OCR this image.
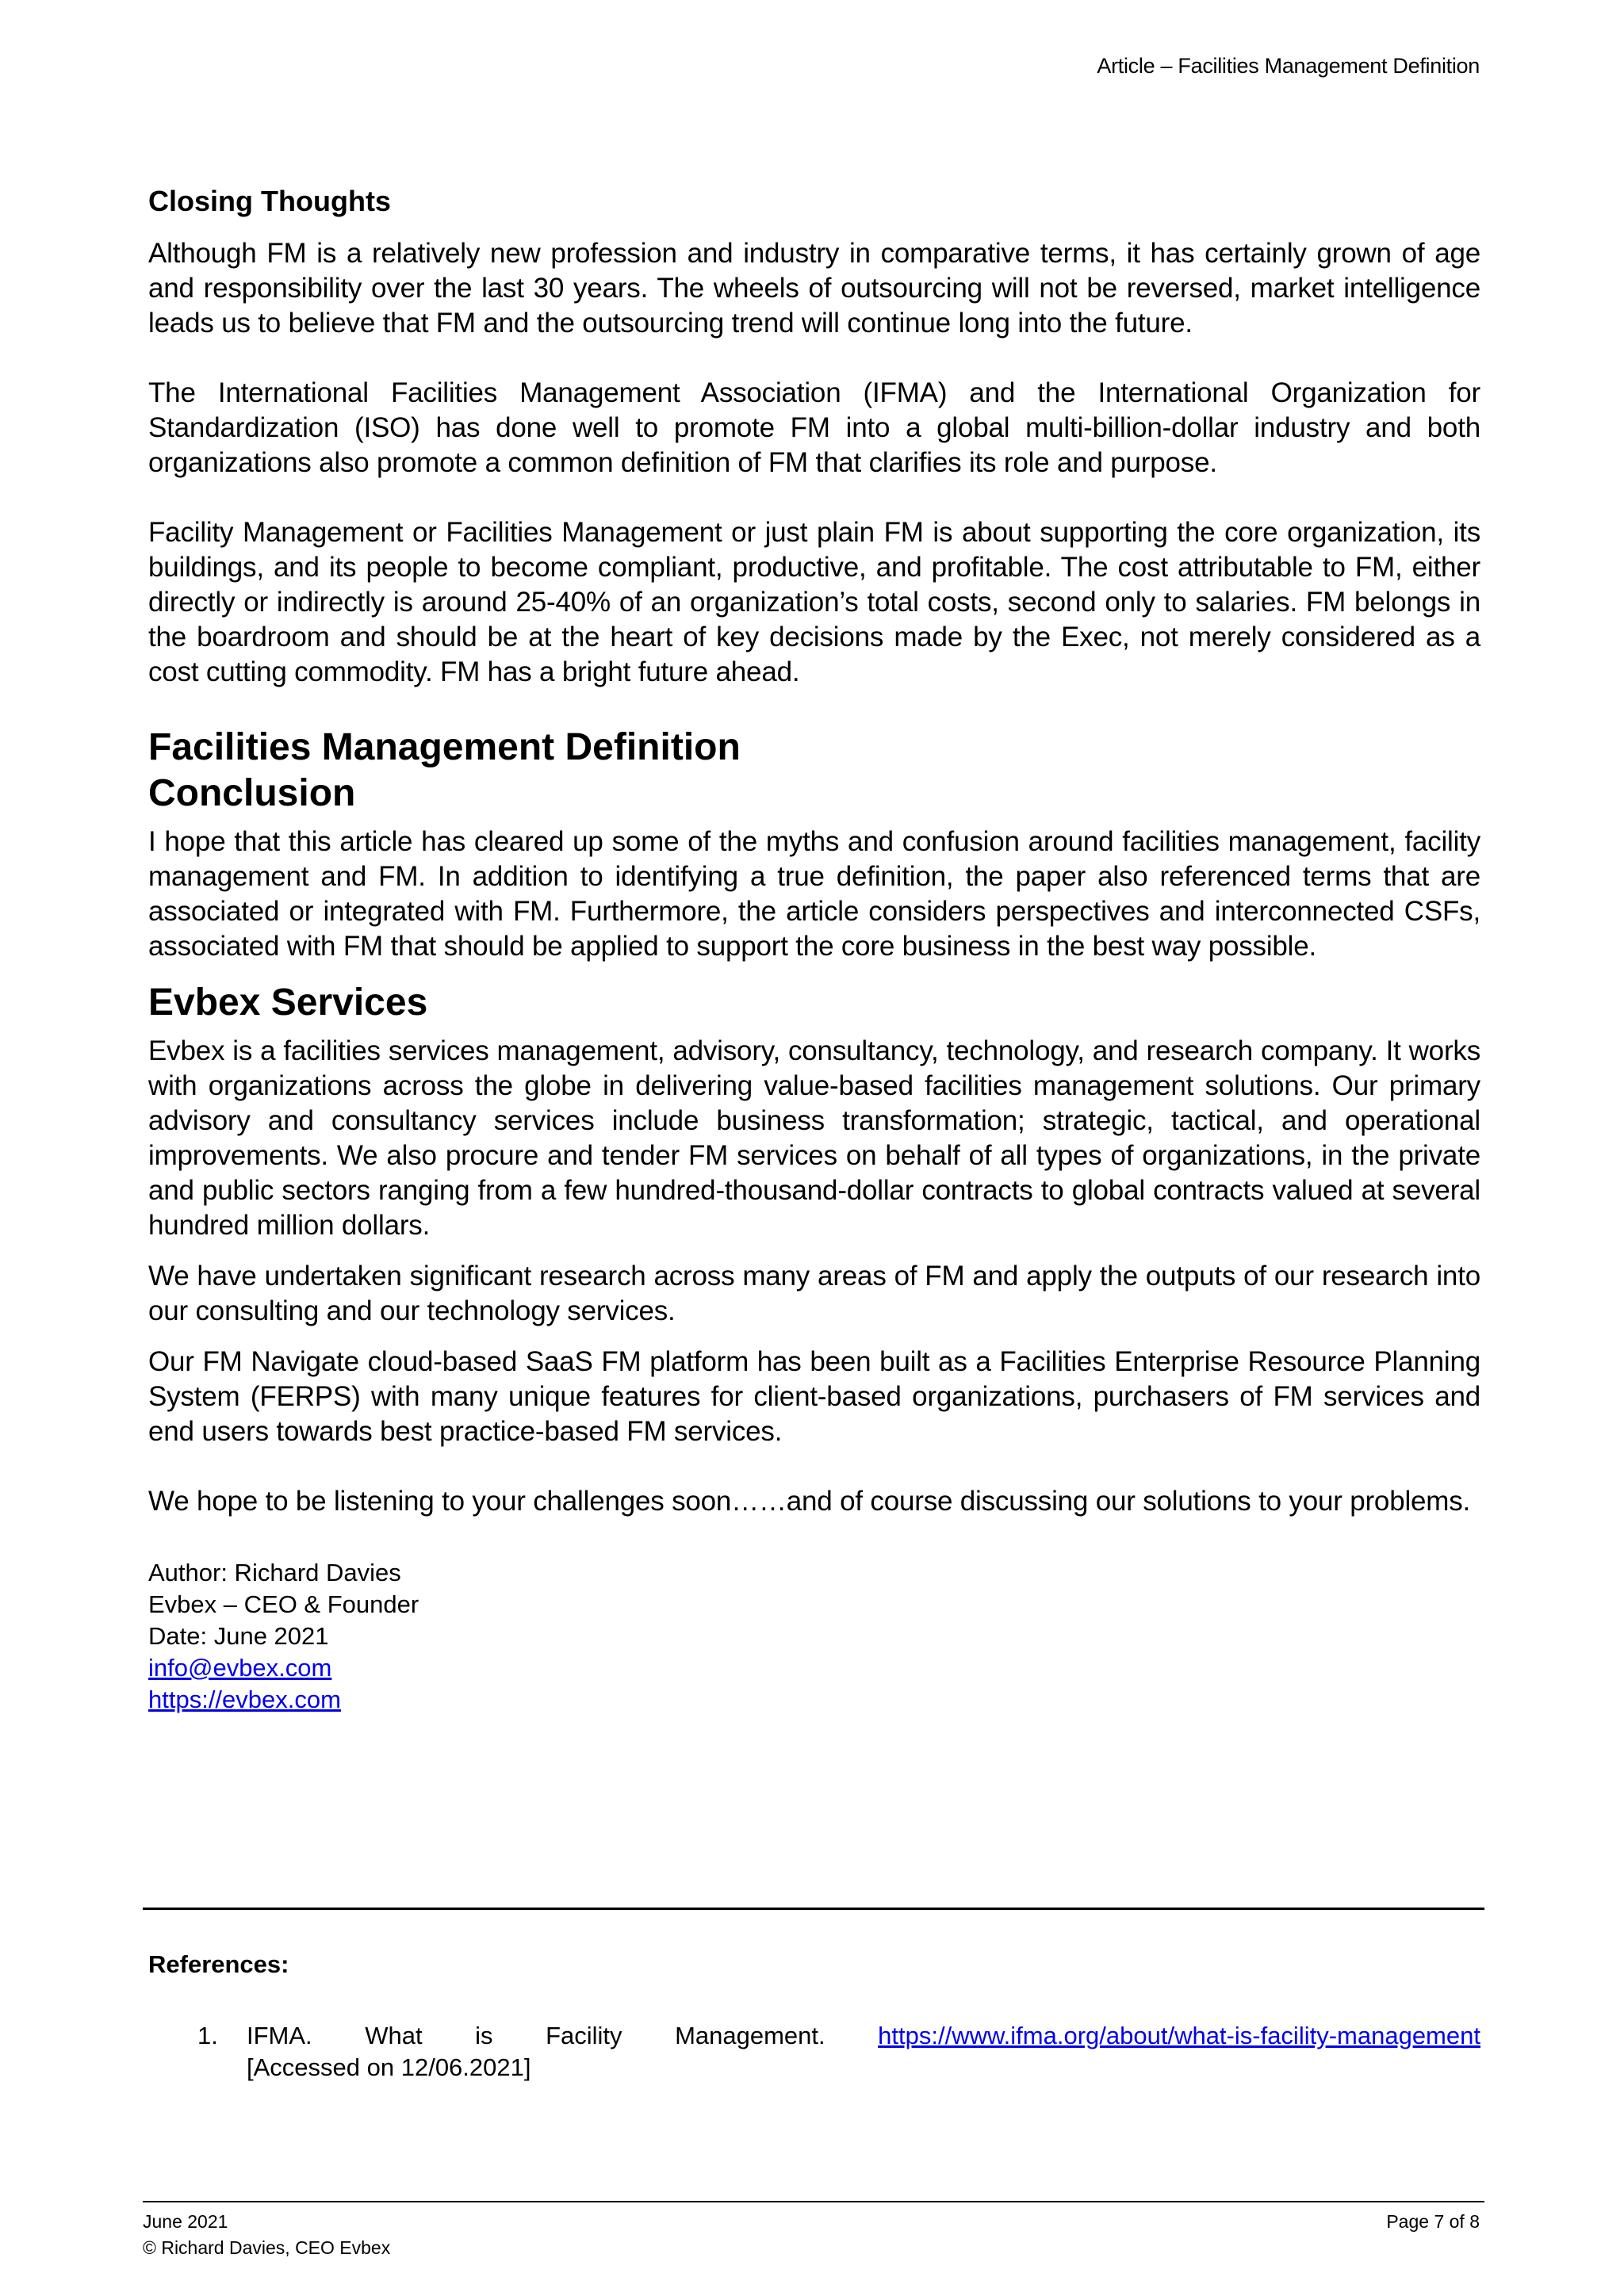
Article – Facilities Management Definition
Closing Thoughts

Although FM is a relatively new profession and industry in comparative terms, it has certainly grown of age and responsibility over the last 30 years. The wheels of outsourcing will not be reversed, market intelligence leads us to believe that FM and the outsourcing trend will continue long into the future.

The International Facilities Management Association (IFMA) and the International Organization for Standardization (ISO) has done well to promote FM into a global multi-billion-dollar industry and both organizations also promote a common definition of FM that clarifies its role and purpose.

Facility Management or Facilities Management or just plain FM is about supporting the core organization, its buildings, and its people to become compliant, productive, and profitable. The cost attributable to FM, either directly or indirectly is around 25-40% of an organization’s total costs, second only to salaries. FM belongs in the boardroom and should be at the heart of key decisions made by the Exec, not merely considered as a cost cutting commodity. FM has a bright future ahead.

Facilities Management Definition
Conclusion

I hope that this article has cleared up some of the myths and confusion around facilities management, facility management and FM. In addition to identifying a true definition, the paper also referenced terms that are associated or integrated with FM. Furthermore, the article considers perspectives and interconnected CSFs, associated with FM that should be applied to support the core business in the best way possible.

Evbex Services

Evbex is a facilities services management, advisory, consultancy, technology, and research company. It works with organizations across the globe in delivering value-based facilities management solutions. Our primary advisory and consultancy services include business transformation; strategic, tactical, and operational improvements. We also procure and tender FM services on behalf of all types of organizations, in the private and public sectors ranging from a few hundred-thousand-dollar contracts to global contracts valued at several hundred million dollars.

We have undertaken significant research across many areas of FM and apply the outputs of our research into our consulting and our technology services.

Our FM Navigate cloud-based SaaS FM platform has been built as a Facilities Enterprise Resource Planning System (FERPS) with many unique features for client-based organizations, purchasers of FM services and end users towards best practice-based FM services.

We hope to be listening to your challenges soon……and of course discussing our solutions to your problems.

Author: Richard Davies
Evbex – CEO & Founder
Date: June 2021
info@evbex.com
https://evbex.com
References:
1. IFMA. What is Facility Management. https://www.ifma.org/about/what-is-facility-management
[Accessed on 12/06.2021]
June 2021
© Richard Davies, CEO Evbex
Page 7 of 8
